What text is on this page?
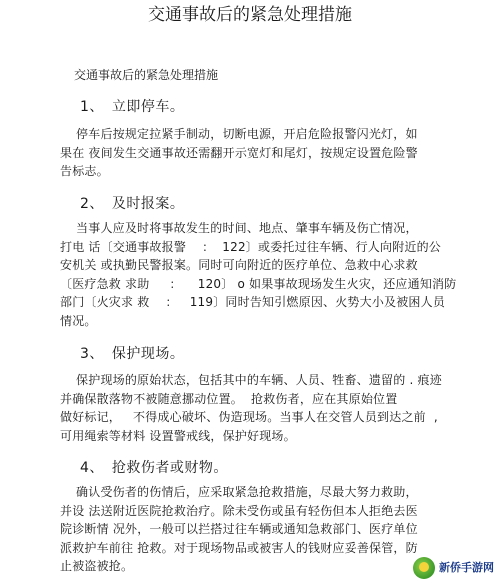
交通事故后的紧急处理措施

交通事故后的紧急处理措施

1、 立即停车。

停车后按规定拉紧手制动，切断电源，开启危险报警闪光灯，如
果在 夜间发生交通事故还需翻开示宽灯和尾灯，按规定设置危险警
告标志。

2、 及时报案。

当事人应及时将事故发生的时间、地点、肇事车辆及伤亡情况，
打电 话〔交通事故报警    ：  122〕或委托过往车辆、行人向附近的公
安机关 或执勤民警报案。同时可向附近的医疗单位、急救中心求救
〔医疗急救 求助     ：    120〕 o 如果事故现场发生火灾，还应通知消防
部门〔火灾求 救    ：   119〕同时告知引燃原因、火势大小及被困人员
情况。

3、 保护现场。

保护现场的原始状态，包括其中的车辆、人员、牲畜、遗留的 . 痕迹
并确保散落物不被随意挪动位置。  抢救伤者，应在其原始位置
做好标记，   不得成心破坏、伪造现场。当事人在交管人员到达之前  ,
可用绳索等材料 设置警戒线，保护好现场。

4、 抢救伤者或财物。

确认受伤者的伤情后，应采取紧急抢救措施，尽最大努力救助，
并设 法送附近医院抢救治疗。除未受伤或虽有轻伤但本人拒绝去医
院诊断情 况外，一般可以拦搭过往车辆或通知急救部门、医疗单位
派救护车前往 抢救。对于现场物品或被害人的钱财应妥善保管，防
止被盗被抢。	新侨手游网
